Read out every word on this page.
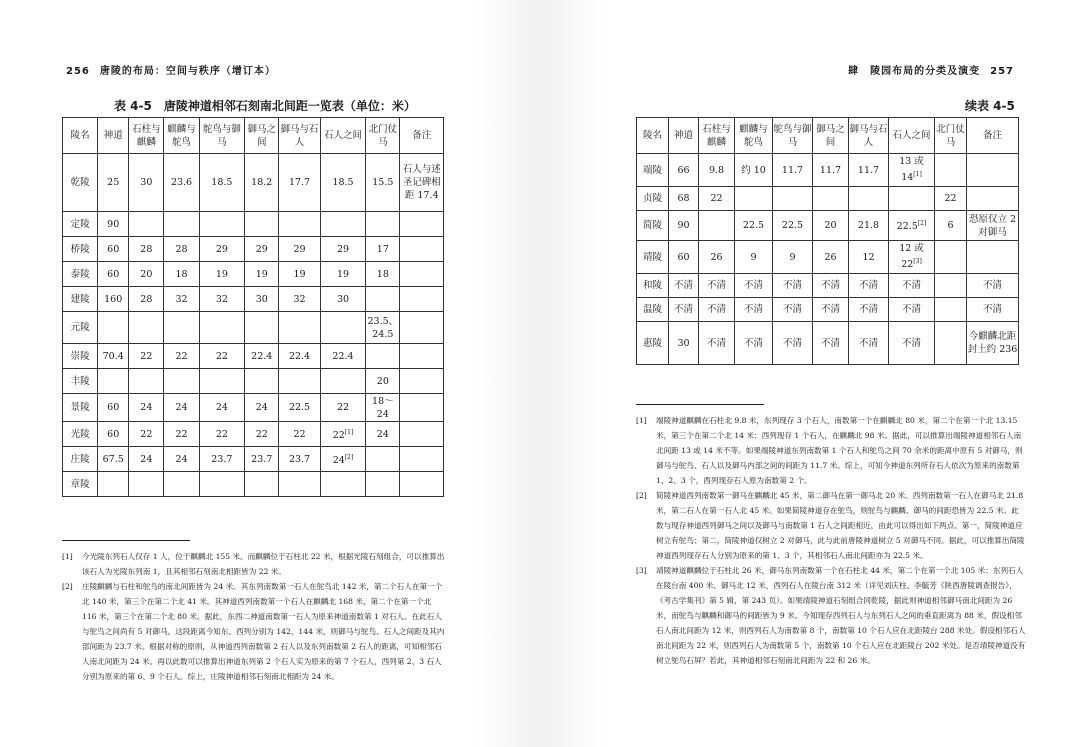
256 唐陵的布局：空间与秩序（增订本）
表 4-5　唐陵神道相邻石刻南北间距一览表（单位：米）
陵名	神道	石柱与麒麟	麒麟与鸵鸟	鸵鸟与御马	御马之间	御马与石人	石人之间	北门仗马	备注
乾陵	25	30	23.6	18.5	18.2	17.7	18.5	15.5	石人与述圣记碑相距 17.4
定陵	90								
桥陵	60	28	28	29	29	29	29	17	
泰陵	60	20	18	19	19	19	19	18	
建陵	160	28	32	32	30	32	30		
元陵								23.5、24.5	
崇陵	70.4	22	22	22	22.4	22.4	22.4		
丰陵								20	
景陵	60	24	24	24	24	22.5	22	18～24	
光陵	60	22	22	22	22	22	22[1]	24	
庄陵	67.5	24	24	23.7	23.7	23.7	24[2]		
章陵									

[1] 今光陵东列石人仅存 1 人，位于麒麟北 155 米。而麒麟位于石柱北 22 米，根据光陵石刻组合，可以推算出该石人为光陵东列南 1，且其相邻石刻南北相距皆为 22 米。

[2] 庄陵麒麟与石柱和鸵鸟的南北间距皆为 24 米。其东列南数第一石人在鸵鸟北 142 米，第二个石人在第一个北 140 米，第三个在第二个北 41 米。其神道西列南数第一个石人在麒麟北 168 米，第二个在第一个北 116 米，第三个在第二个北 80 米。据此，东西二神道南数第一石人为原来神道南数第 1 对石人。在此石人与鸵鸟之间尚有 5 对御马。这段距离今知东、西列分别为 142、144 米，则御马与鸵鸟、石人之间距及其内部间距为 23.7 米。根据对称的原则，从神道西列南数第 2 石人以及东列南数第 2 石人的距离，可知相邻石人南北间距为 24 米。再以此数可以推算出神道东列第 2 个石人实为原来的第 7 个石人，西列第 2、3 石人分别为原来的第 6、9 个石人。综上，庄陵神道相邻石刻南北相距为 24 米。

肆　陵园布局的分类及演变 257
续表 4-5
陵名	神道	石柱与麒麟	麒麟与鸵鸟	鸵鸟与御马	御马之间	御马与石人	石人之间	北门仗马	备注
端陵	66	9.8	约 10	11.7	11.7	11.7	13 或 14[1]		
贞陵	68	22						22	
简陵	90		22.5	22.5	20	21.8	22.5[2]	6	恐原仅立 2 对御马
靖陵	60	26	9	9	26	12	12 或 22[3]		
和陵	不清	不清	不清	不清	不清	不清	不清		不清
温陵	不清	不清	不清	不清	不清	不清	不清		不清
惠陵	30	不清	不清	不清	不清	不清	不清		今麒麟北距封土约 236

[1] 端陵神道麒麟在石柱北 9.8 米，东列现存 3 个石人，南数第一个在麒麟北 80 米，第二个在第一个北 13.15 米，第三个在第二个北 14 米；西列现存 1 个石人，在麒麟北 98 米。据此，可以推算出端陵神道相邻石人南北间距 13 或 14 米不等。如果端陵神道东列南数第 1 个石人和鸵鸟之间 70 余米的距离中原有 5 对御马，则御马与鸵鸟、石人以及御马内部之间的间距为 11.7 米。综上，可知今神道东列所存石人依次为原来的南数第 1、2、3 个，西列现存石人原为南数第 2 个。

[2] 简陵神道西列南数第一御马在麒麟北 45 米，第二御马在第一御马北 20 米。西列南数第一石人在御马北 21.8 米，第二石人在第一石人北 45 米。如果简陵神道存在鸵鸟，则鸵鸟与麒麟、御马的间距恐皆为 22.5 米。此数与现存神道西列御马之间以及御马与南数第 1 石人之间距相近，由此可以得出如下两点。第一，简陵神道应树立有鸵鸟；第二，简陵神道仅树立 2 对御马，此与此前唐陵神道树立 5 对御马不同。据此，可以推算出简陵神道西列现存石人分别为原来的第 1、3 个，其相邻石人南北间距亦为 22.5 米。

[3] 靖陵神道麒麟位于石柱北 26 米，御马东列南数第一个在石柱北 44 米，第二个在第一个北 105 米；东列石人在陵台南 400 米、御马北 12 米，西列石人在陵台南 312 米（详见刘庆柱、李毓芳《陕西唐陵调查报告》，《考古学集刊》第 5 辑，第 243 页）。如果靖陵神道石刻组合同乾陵，据此则神道相邻御马南北间距为 26 米，而鸵鸟与麒麟和御马的间距皆为 9 米。今知现存西列石人与东列石人之间的垂直距离为 88 米，假设相邻石人南北间距为 12 米，则西列石人为南数第 8 个，南数第 10 个石人应在北距陵台 288 米处。假设相邻石人南北间距为 22 米，则西列石人为南数第 5 个，南数第 10 个石人应在北距陵台 202 米处。是否靖陵神道没有树立鸵鸟石屏？若此，其神道相邻石刻南北间距为 22 和 26 米。
